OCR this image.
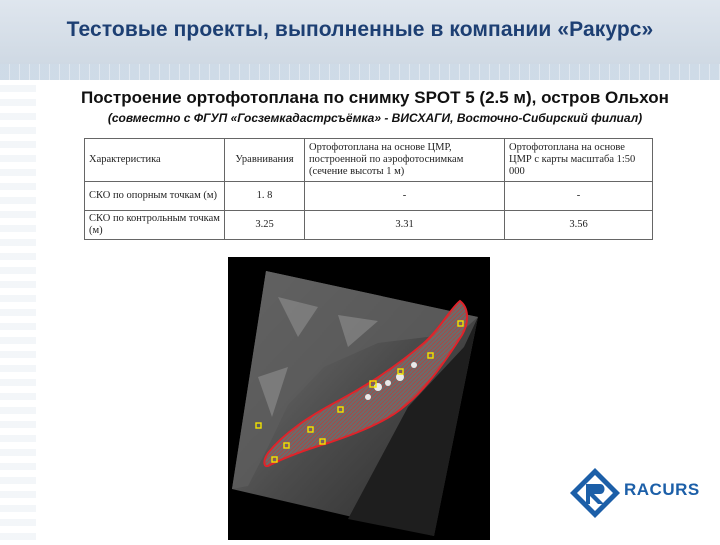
Тестовые проекты, выполненные в компании «Ракурс»
Построение ортофотоплана по снимку SPOT 5 (2.5 м), остров Ольхон
(совместно с ФГУП «Госземкадастрсъёмка» - ВИСХАГИ, Восточно-Сибирский филиал)
Характеристика	Уравнивания	Ортофотоплана на основе ЦМР, построенной по аэрофотоснимкам (сечение высоты 1 м)	Ортофотоплана на основе ЦМР с карты масштаба 1:50 000
СКО по опорным точкам (м)	1. 8	-	-
СКО по контрольным точкам (м)	3.25	3.31	3.56
RACURS
